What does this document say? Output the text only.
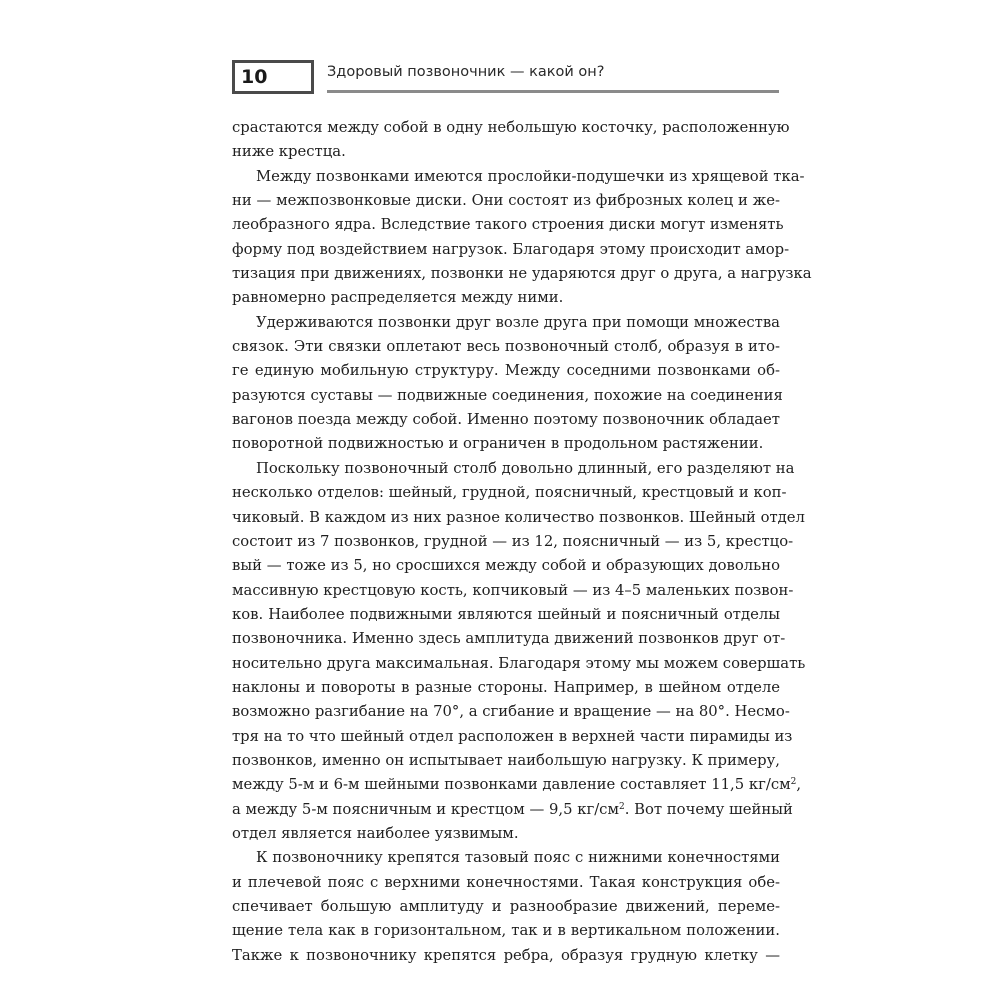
10	Здоровый позвоночник — какой он?
срастаются между собой в одну небольшую косточку, расположенную
ниже крестца.
Между позвонками имеются прослойки-подушечки из хрящевой тка-
ни — межпозвонковые диски. Они состоят из фиброзных колец и же-
леобразного ядра. Вследствие такого строения диски могут изменять
форму под воздействием нагрузок. Благодаря этому происходит амор-
тизация при движениях, позвонки не ударяются друг о друга, а нагрузка
равномерно распределяется между ними.
Удерживаются позвонки друг возле друга при помощи множества
связок. Эти связки оплетают весь позвоночный столб, образуя в ито-
ге единую мобильную структуру. Между соседними позвонками об-
разуются суставы — подвижные соединения, похожие на соединения
вагонов поезда между собой. Именно поэтому позвоночник обладает
поворотной подвижностью и ограничен в продольном растяжении.
Поскольку позвоночный столб довольно длинный, его разделяют на
несколько отделов: шейный, грудной, поясничный, крестцовый и коп-
чиковый. В каждом из них разное количество позвонков. Шейный отдел
состоит из 7 позвонков, грудной — из 12, поясничный — из 5, крестцо-
вый — тоже из 5, но сросшихся между собой и образующих довольно
массивную крестцовую кость, копчиковый — из 4–5 маленьких позвон-
ков. Наиболее подвижными являются шейный и поясничный отделы
позвоночника. Именно здесь амплитуда движений позвонков друг от-
носительно друга максимальная. Благодаря этому мы можем совершать
наклоны и повороты в разные стороны. Например, в шейном отделе
возможно разгибание на 70°, а сгибание и вращение — на 80°. Несмо-
тря на то что шейный отдел расположен в верхней части пирамиды из
позвонков, именно он испытывает наибольшую нагрузку. К примеру,
между 5-м и 6-м шейными позвонками давление составляет 11,5 $кг/см^2$,
а между 5-м поясничным и крестцом — 9,5 $кг/см^2$. Вот почему шейный
отдел является наиболее уязвимым.
К позвоночнику крепятся тазовый пояс с нижними конечностями
и плечевой пояс с верхними конечностями. Такая конструкция обе-
спечивает большую амплитуду и разнообразие движений, переме-
щение тела как в горизонтальном, так и в вертикальном положении.
Также к позвоночнику крепятся ребра, образуя грудную клетку —
